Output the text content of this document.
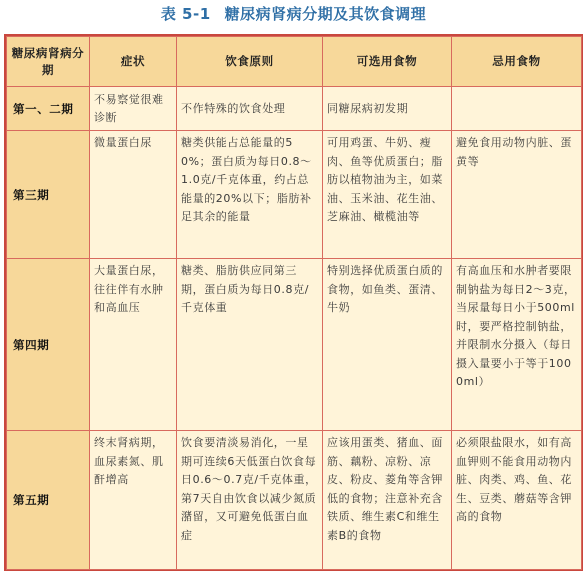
表 5-1 糖尿病肾病分期及其饮食调理
糖尿病肾病分期	症状	饮食原则	可选用食物	忌用食物
第一、二期	不易察觉很难诊断	不作特殊的饮食处理	同糖尿病初发期	
第三期	微量蛋白尿	糖类供能占总能量的50%；蛋白质为每日0.8～1.0克/千克体重，约占总能量的20%以下；脂肪补足其余的能量	可用鸡蛋、牛奶、瘦肉、鱼等优质蛋白；脂肪以植物油为主，如菜油、玉米油、花生油、芝麻油、橄榄油等	避免食用动物内脏、蛋黄等
第四期	大量蛋白尿，往往伴有水肿和高血压	糖类、脂肪供应同第三期，蛋白质为每日0.8克/千克体重	特别选择优质蛋白质的食物，如鱼类、蛋清、牛奶	有高血压和水肿者要限制钠盐为每日2～3克，当尿量每日小于500ml时，要严格控制钠盐，并限制水分摄入（每日摄入量要小于等于1000ml）
第五期	终末肾病期，血尿素氮、肌酐增高	饮食要清淡易消化，一星期可连续6天低蛋白饮食每日0.6～0.7克/千克体重，第7天自由饮食以减少氮质潴留，又可避免低蛋白血症	应该用蛋类、猪血、面筋、藕粉、凉粉、凉皮、粉皮、菱角等含钾低的食物；注意补充含铁质、维生素C和维生素B的食物	必须限盐限水，如有高血钾则不能食用动物内脏、肉类、鸡、鱼、花生、豆类、蘑菇等含钾高的食物
